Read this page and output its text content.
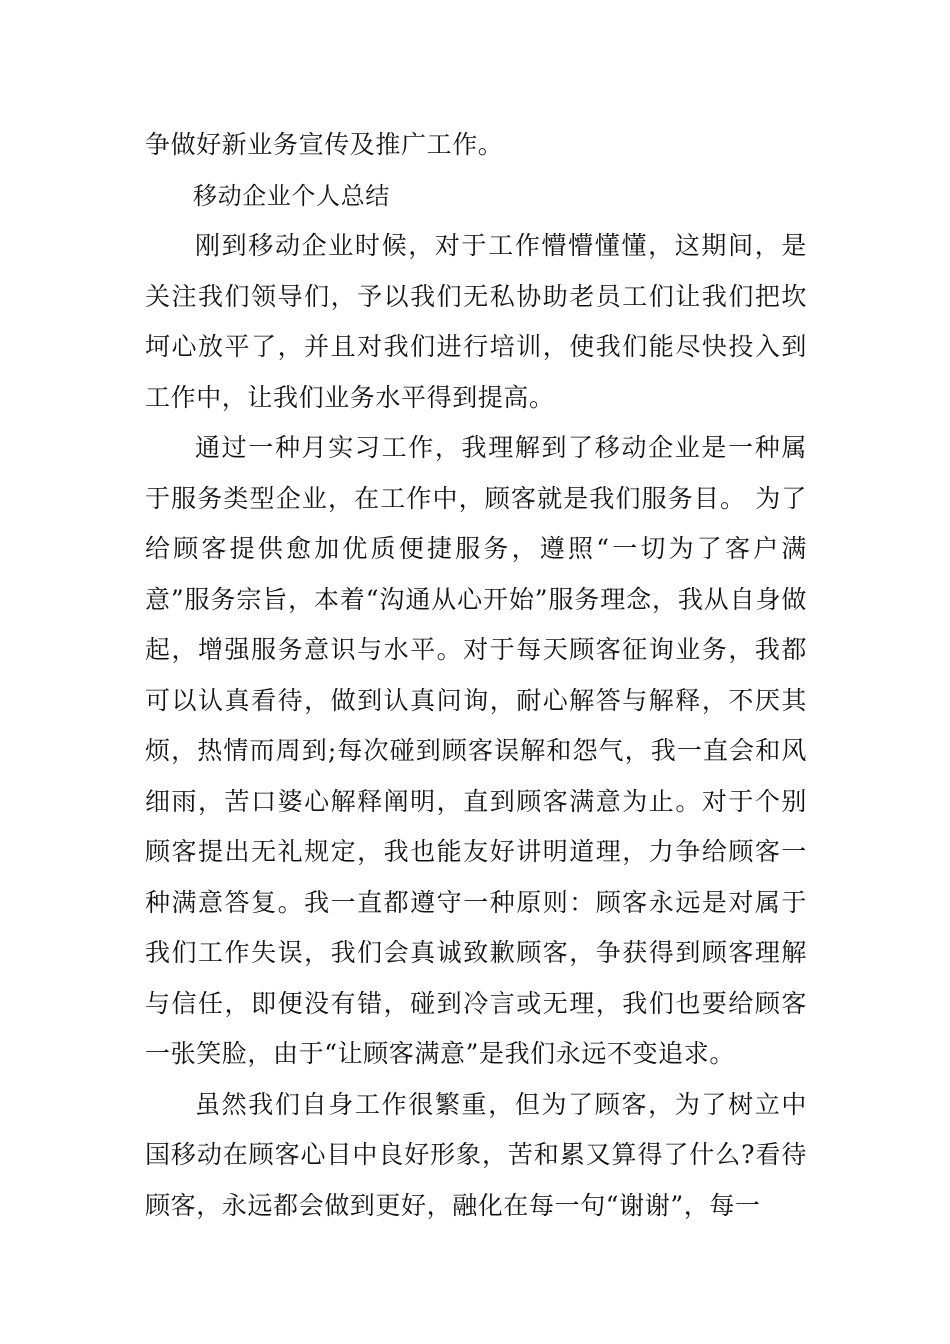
争做好新业务宣传及推广工作。

移动企业个人总结

刚到移动企业时候，对于工作懵懵懂懂，这期间，是关注我们领导们，予以我们无私协助老员工们让我们把坎坷心放平了，并且对我们进行培训，使我们能尽快投入到工作中，让我们业务水平得到提高。

通过一种月实习工作，我理解到了移动企业是一种属于服务类型企业，在工作中，顾客就是我们服务目。 为了给顾客提供愈加优质便捷服务，遵照“一切为了客户满意”服务宗旨，本着“沟通从心开始”服务理念，我从自身做起，增强服务意识与水平。对于每天顾客征询业务，我都可以认真看待，做到认真问询，耐心解答与解释，不厌其烦，热情而周到;每次碰到顾客误解和怨气，我一直会和风细雨，苦口婆心解释阐明，直到顾客满意为止。对于个别顾客提出无礼规定，我也能友好讲明道理，力争给顾客一种满意答复。我一直都遵守一种原则：顾客永远是对属于我们工作失误，我们会真诚致歉顾客，争获得到顾客理解与信任，即便没有错，碰到冷言或无理，我们也要给顾客一张笑脸，由于“让顾客满意”是我们永远不变追求。

虽然我们自身工作很繁重，但为了顾客，为了树立中国移动在顾客心目中良好形象，苦和累又算得了什么?看待顾客，永远都会做到更好，融化在每一句“谢谢”，每一
